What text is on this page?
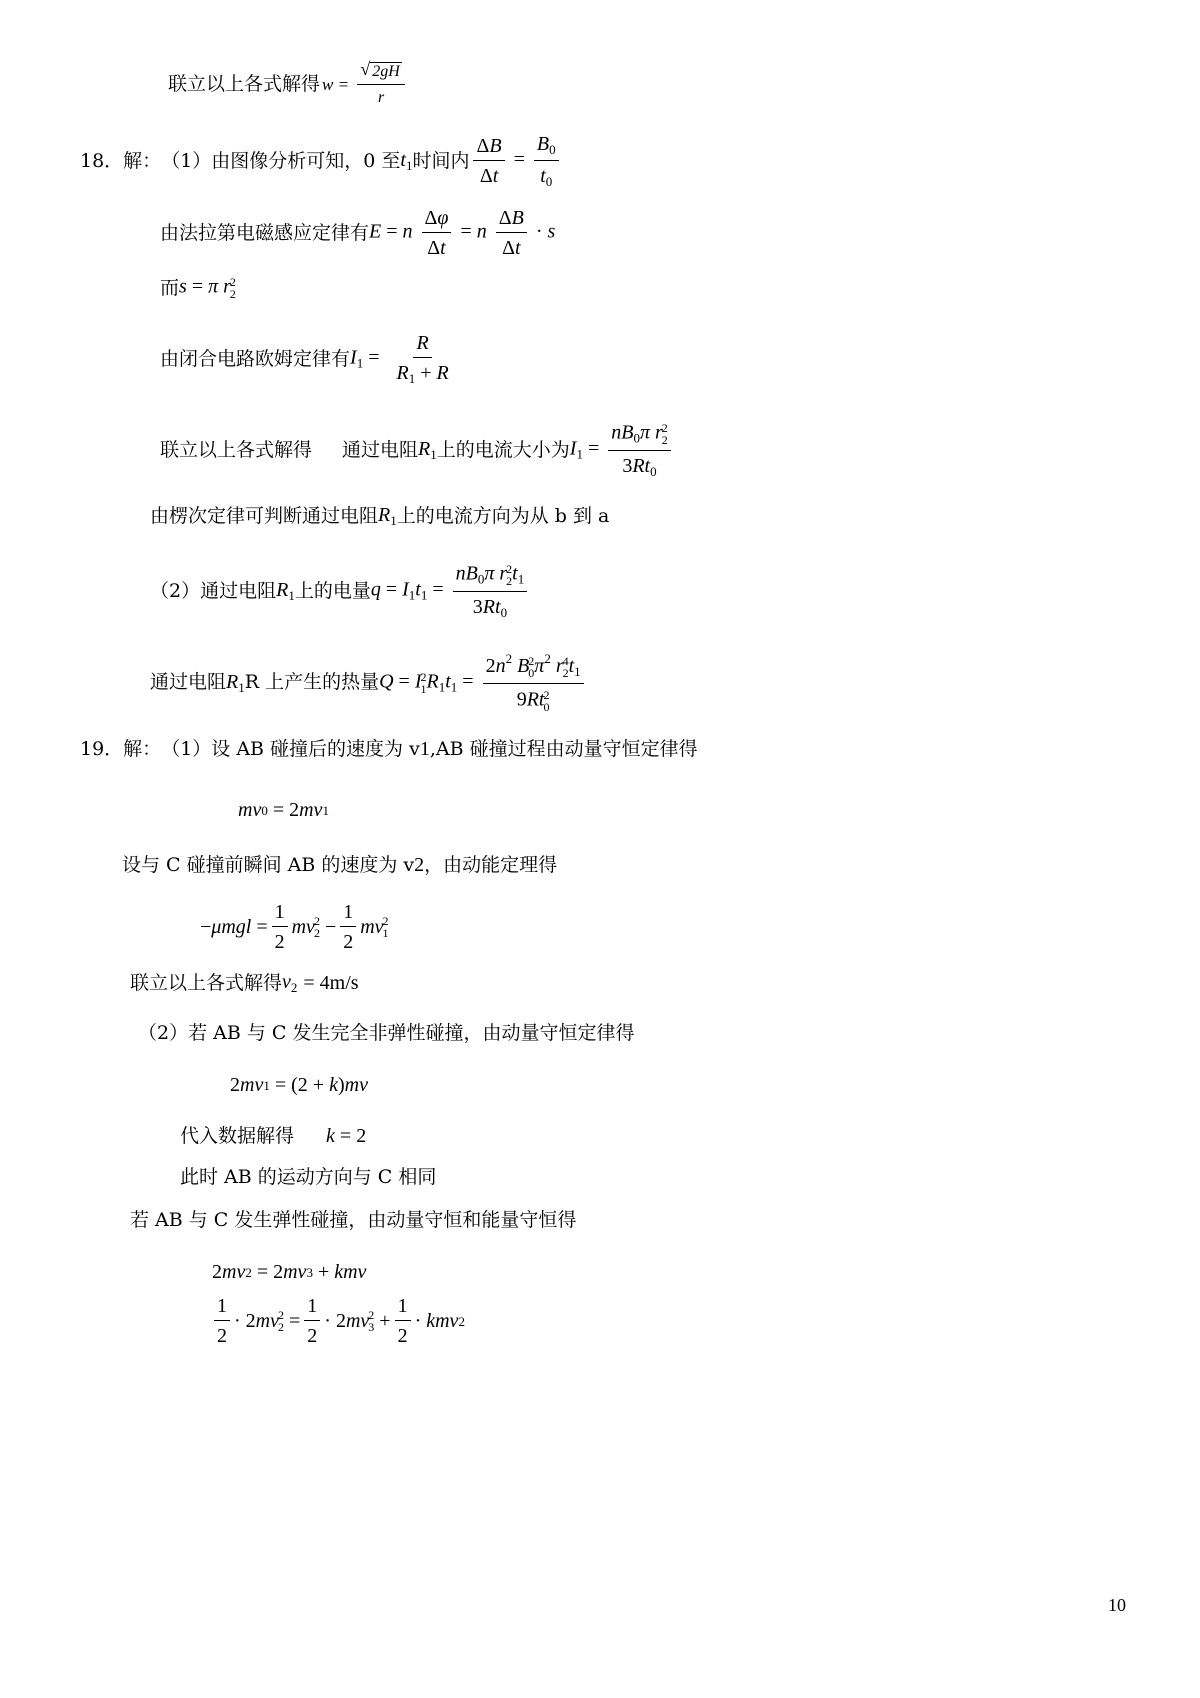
联立以上各式解得 $w = \frac{√ 2gH}{r}$
18．解： （1）由图像分析可知，0 至 $t_1$ 时间内 $\frac{\Delta B}{\Delta t} = \frac{B_0}{t_0}$
由法拉第电磁感应定律有 E = n $\frac{\Delta\varphi}{\Delta t} = n \frac{\Delta B}{\Delta t} \cdot s$
而 s = π r 2
2
由闭合电路欧姆定律有 $I_1 = \frac{R}{R_1 + R}$
联立以上各式解得 通过电阻 $R_1$ 上的电流大小为 $I_1 = nB_0\pi$ r 2
2
$3Rt_0$
由楞次定律可判断通过电阻 $R_1$ 上的电流方向为从 b 到 a
（2）通过电阻 $R_1$ 上的电量 $q = I_1t_1 = nB_0\pi$ r 2
2 $t_1$
$3Rt_0$
通过电阻 $R_1$ R 上产生的热量 Q = I 2
1 $R_1t_1 = 2n^2$ B 2
0 $\pi^2$ r 4
2 $t_1$
9Rt 2
0
19．解： （1）设 AB 碰撞后的速度为 v 1 ,AB 碰撞过程由动量守恒定律得
mv 0
=
2 mv 1
设与 C 碰撞前瞬间 AB 的速度为 v 2 ，由动能定理得
− $\mu mgl = \frac{1}{2}$ mv 2
2
− $\frac{1}{2}$ mv 2
1
联立以上各式解得 $v_2 = 4m/s$
（2）若 AB 与 C 发生完全非弹性碰撞，由动量守恒定律得
2 mv 1
=
(2 + k ) mv
代入数据解得 k = 2
此时 AB 的运动方向与 C 相同
若 AB 与 C 发生弹性碰撞，由动量守恒和能量守恒得
2 mv 2
=
2 mv 3
+ kmv
1
2
·
2 mv 2
2
= $\frac{1}{2}$ ·
2 mv 2
3
+ $\frac{1}{2}$ · kmv 2
10
